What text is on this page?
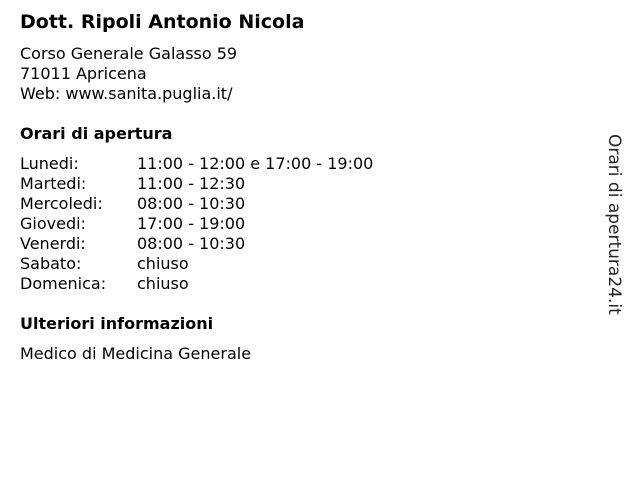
Dott. Ripoli Antonio Nicola
Corso Generale Galasso 59
71011 Apricena
Web: www.sanita.puglia.it/
Orari di apertura
Lunedi:	11:00 - 12:00 e 17:00 - 19:00
Martedi:	11:00 - 12:30
Mercoledi:	08:00 - 10:30
Giovedi:	17:00 - 19:00
Venerdi:	08:00 - 10:30
Sabato:	chiuso
Domenica:	chiuso
Ulteriori informazioni
Medico di Medicina Generale
Orari di apertura24.it
